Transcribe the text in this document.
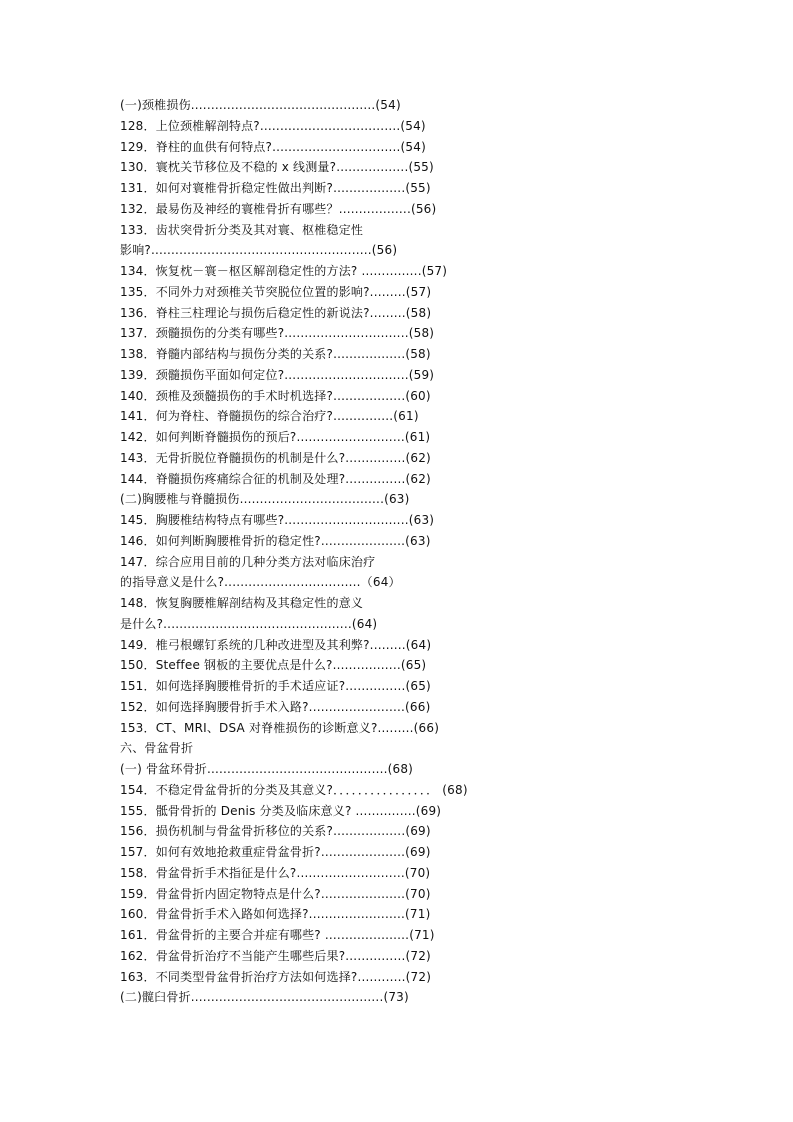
(一)颈椎损伤..............................................(54)
128．上位颈椎解剖特点?...................................(54)
129．脊柱的血供有何特点?................................(54)
130．寰枕关节移位及不稳的 x 线测量?..................(55)
131．如何对寰椎骨折稳定性做出判断?..................(55)
132．最易伤及神经的寰椎骨折有哪些？..................(56)
133．齿状突骨折分类及其对寰、枢椎稳定性
影响?.......................................................(56)
134．恢复枕－寰－枢区解剖稳定性的方法? ...............(57)
135．不同外力对颈椎关节突脱位位置的影响?.........(57)
136．脊柱三柱理论与损伤后稳定性的新说法?.........(58)
137．颈髓损伤的分类有哪些?...............................(58)
138．脊髓内部结构与损伤分类的关系?..................(58)
139．颈髓损伤平面如何定位?...............................(59)
140．颈椎及颈髓损伤的手术时机选择?..................(60)
141．何为脊柱、脊髓损伤的综合治疗?...............(61)
142．如何判断脊髓损伤的预后?...........................(61)
143．无骨折脱位脊髓损伤的机制是什么?...............(62)
144．脊髓损伤疼痛综合征的机制及处理?...............(62)
(二)胸腰椎与脊髓损伤....................................(63)
145．胸腰椎结构特点有哪些?...............................(63)
146．如何判断胸腰椎骨折的稳定性?.....................(63)
147．综合应用目前的几种分类方法对临床治疗
的指导意义是什么?..................................（64）
148．恢复胸腰椎解剖结构及其稳定性的意义
是什么?...............................................(64)
149．椎弓根螺钉系统的几种改进型及其利弊?.........(64)
150．Steffee 钢板的主要优点是什么?.................(65)
151．如何选择胸腰椎骨折的手术适应证?...............(65)
152．如何选择胸腰骨折手术入路?........................(66)
153．CT、MRI、DSA 对脊椎损伤的诊断意义?.........(66)
六、骨盆骨折
(一) 骨盆环骨折.............................................(68)
154．不稳定骨盆骨折的分类及其意义?．．．．．．．．．．．．．．．． (68)
155．骶骨骨折的 Denis 分类及临床意义? ...............(69)
156．损伤机制与骨盆骨折移位的关系?..................(69)
157．如何有效地抢救重症骨盆骨折?.....................(69)
158．骨盆骨折手术指征是什么?...........................(70)
159．骨盆骨折内固定物特点是什么?.....................(70)
160．骨盆骨折手术入路如何选择?........................(71)
161．骨盆骨折的主要合并症有哪些? .....................(71)
162．骨盆骨折治疗不当能产生哪些后果?...............(72)
163．不同类型骨盆骨折治疗方法如何选择?............(72)
(二)髋臼骨折................................................(73)
